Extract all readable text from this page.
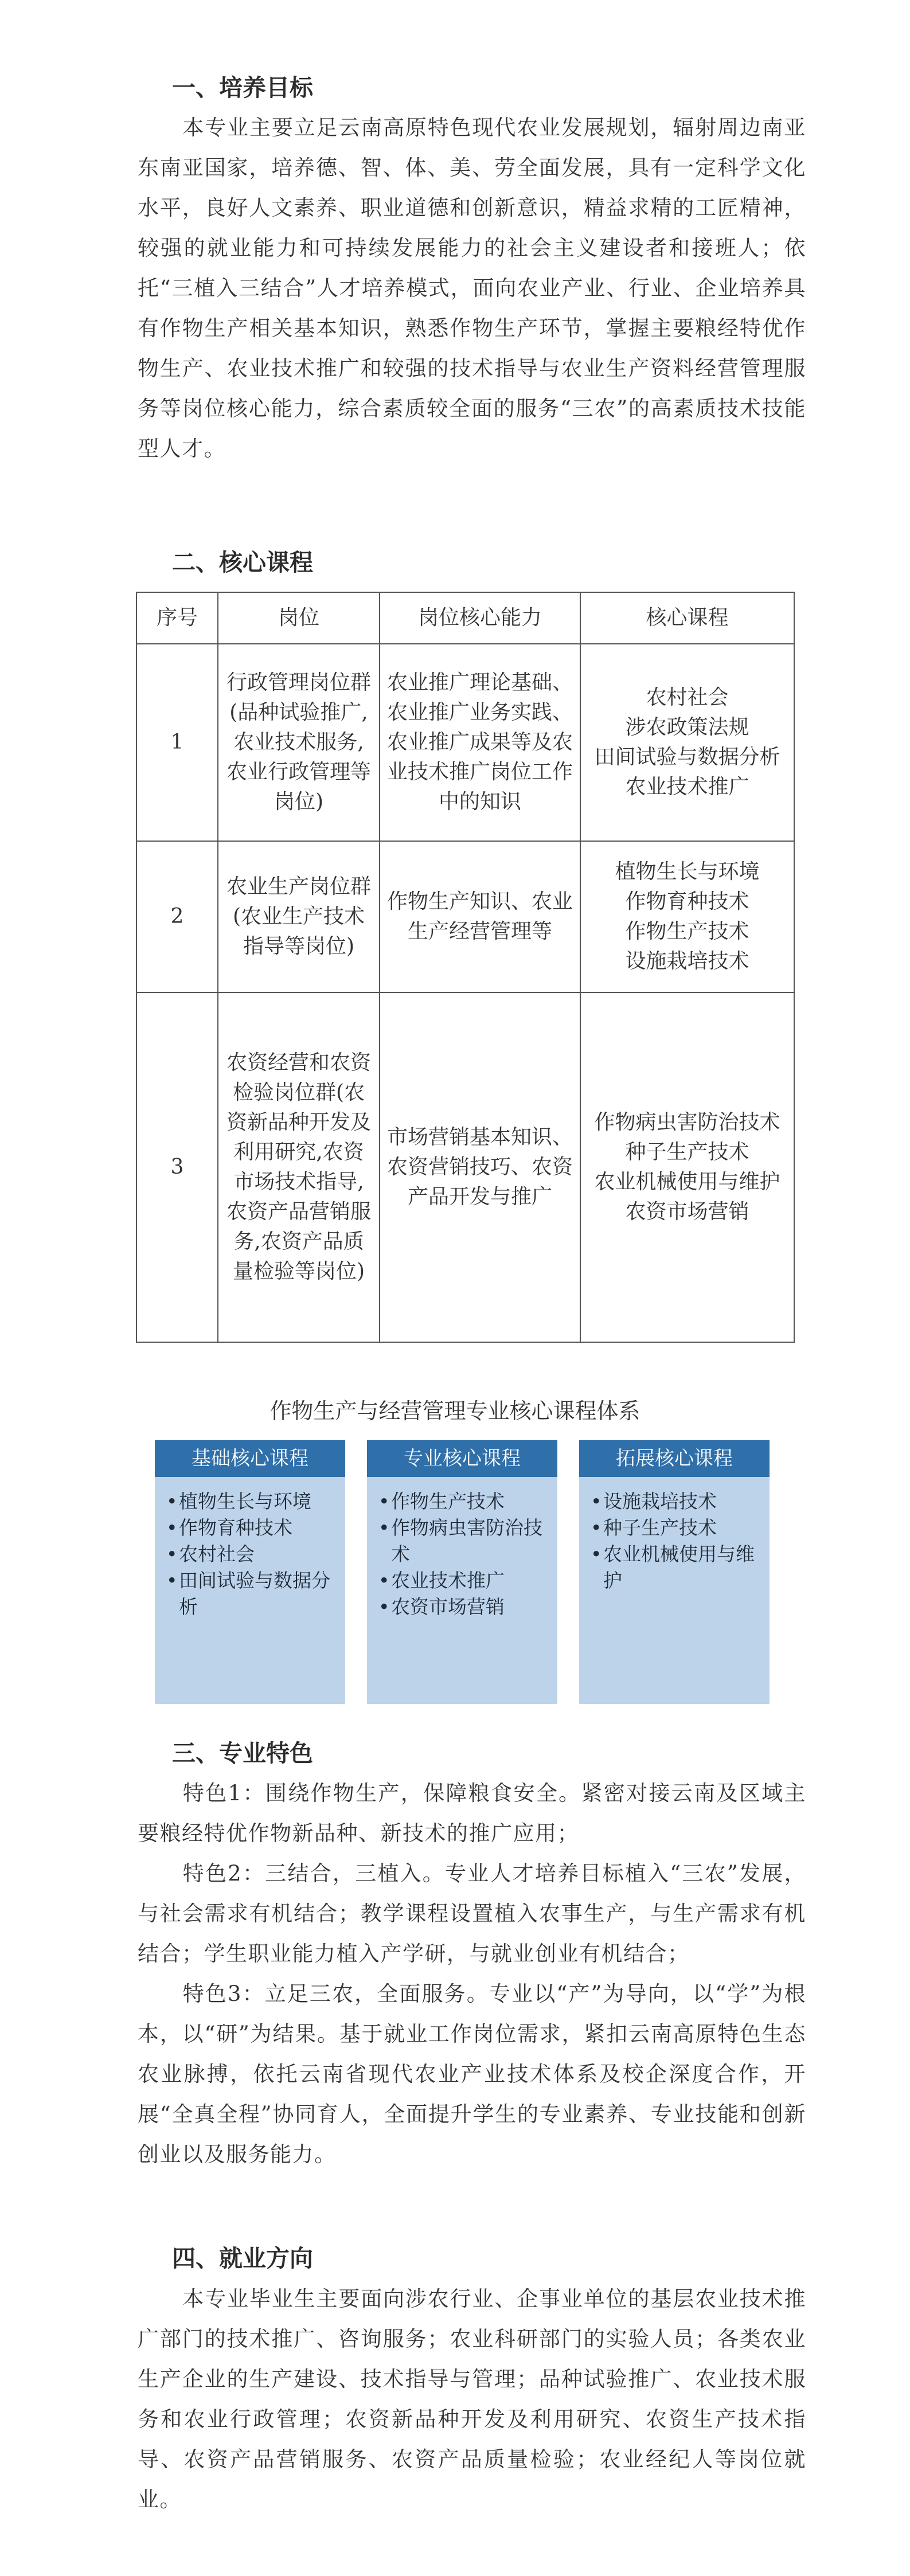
一、培养目标

本专业主要立足云南高原特色现代农业发展规划，辐射周边南亚东南亚国家，培养德、智、体、美、劳全面发展，具有一定科学文化水平，良好人文素养、职业道德和创新意识，精益求精的工匠精神，较强的就业能力和可持续发展能力的社会主义建设者和接班人；依托“三植入三结合”人才培养模式，面向农业产业、行业、企业培养具有作物生产相关基本知识，熟悉作物生产环节，掌握主要粮经特优作物生产、农业技术推广和较强的技术指导与农业生产资料经营管理服务等岗位核心能力，综合素质较全面的服务“三农”的高素质技术技能型人才。

二、核心课程
序号	岗位	岗位核心能力	核心课程
1	行政管理岗位群(品种试验推广,农业技术服务,农业行政管理等岗位)	农业推广理论基础、农业推广业务实践、农业推广成果等及农业技术推广岗位工作中的知识	农村社会
涉农政策法规
田间试验与数据分析
农业技术推广

2	农业生产岗位群(农业生产技术指导等岗位)	作物生产知识、农业生产经营管理等	植物生长与环境
作物育种技术
作物生产技术
设施栽培技术

3	农资经营和农资检验岗位群(农资新品种开发及利用研究,农资市场技术指导,农资产品营销服务,农资产品质量检验等岗位)	市场营销基本知识、农资营销技巧、农资产品开发与推广	作物病虫害防治技术
种子生产技术
农业机械使用与维护
农资市场营销

作物生产与经营管理专业核心课程体系

基础核心课程
• 植物生长与环境
• 作物育种技术
• 农村社会
• 田间试验与数据分析
专业核心课程
• 作物生产技术
• 作物病虫害防治技术
• 农业技术推广
• 农资市场营销
拓展核心课程
• 设施栽培技术
• 种子生产技术
• 农业机械使用与维护
三、专业特色

特色1：围绕作物生产，保障粮食安全。紧密对接云南及区域主要粮经特优作物新品种、新技术的推广应用；

特色2：三结合，三植入。专业人才培养目标植入“三农”发展，与社会需求有机结合；教学课程设置植入农事生产，与生产需求有机结合；学生职业能力植入产学研，与就业创业有机结合；

特色3：立足三农，全面服务。专业以“产”为导向，以“学”为根本，以“研”为结果。基于就业工作岗位需求，紧扣云南高原特色生态农业脉搏，依托云南省现代农业产业技术体系及校企深度合作，开展“全真全程”协同育人，全面提升学生的专业素养、专业技能和创新创业以及服务能力。

四、就业方向

本专业毕业生主要面向涉农行业、企事业单位的基层农业技术推广部门的技术推广、咨询服务；农业科研部门的实验人员；各类农业生产企业的生产建设、技术指导与管理；品种试验推广、农业技术服务和农业行政管理；农资新品种开发及利用研究、农资生产技术指导、农资产品营销服务、农资产品质量检验；农业经纪人等岗位就业。
